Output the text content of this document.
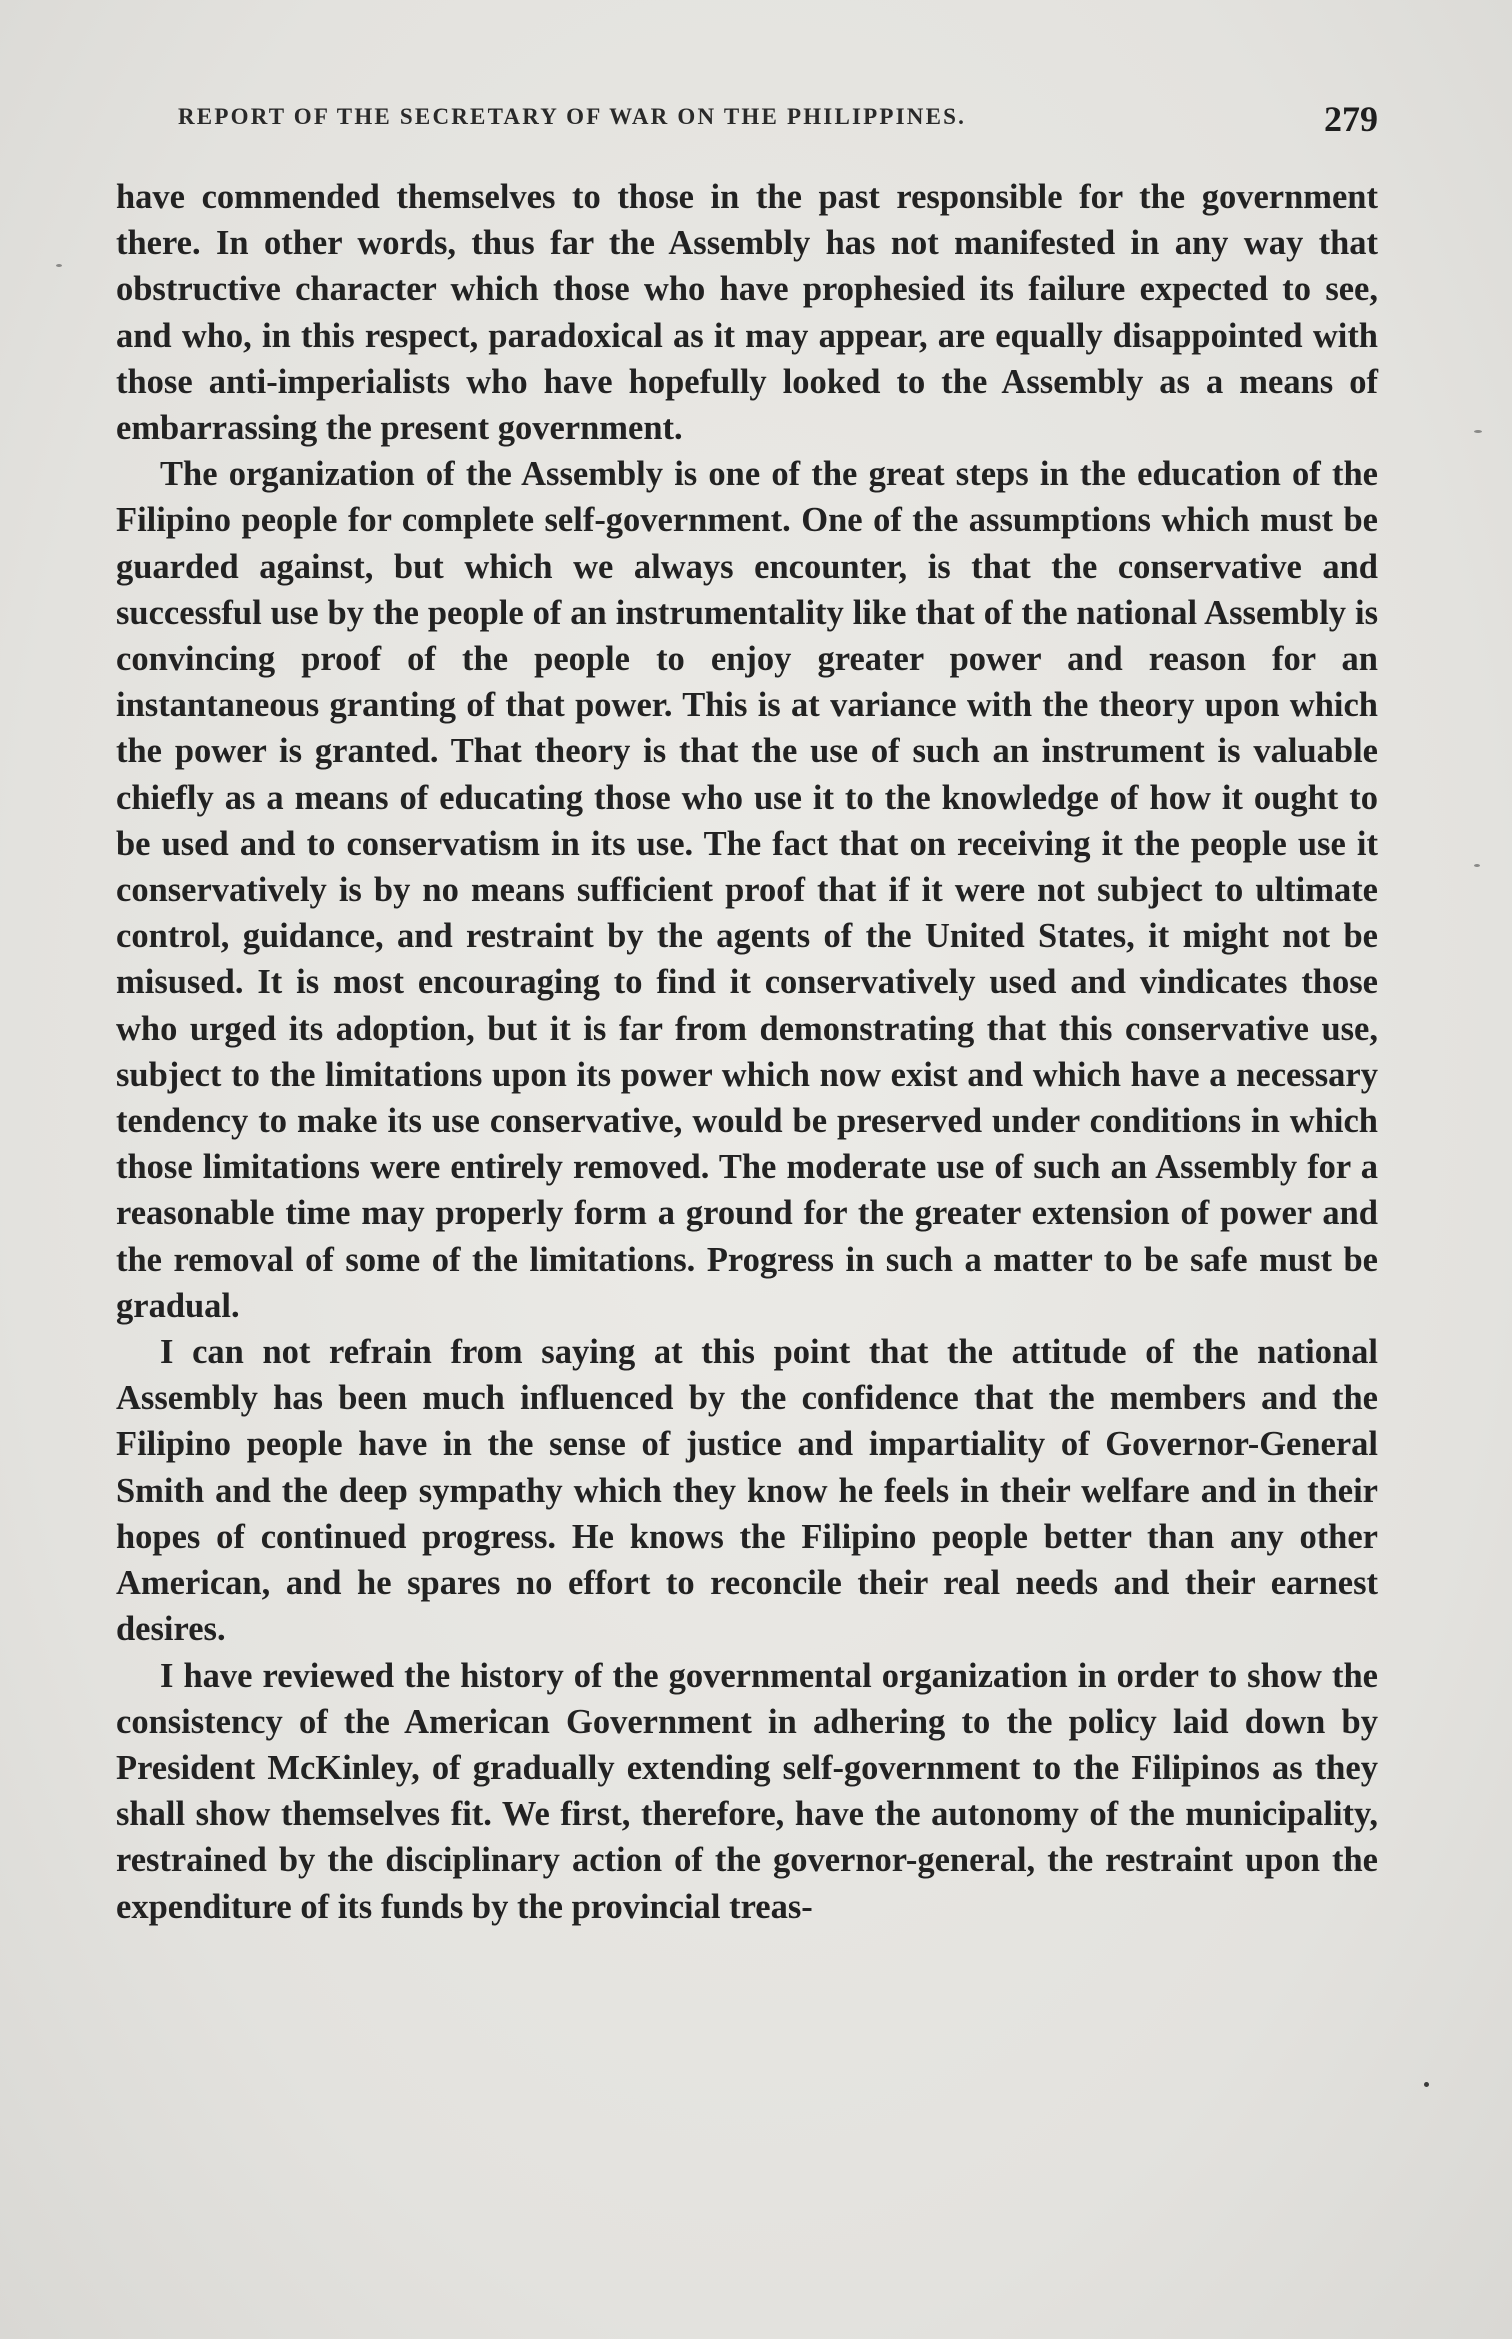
REPORT OF THE SECRETARY OF WAR ON THE PHILIPPINES.	279

have commended themselves to those in the past responsible for the government there. In other words, thus far the Assembly has not manifested in any way that obstructive character which those who have prophesied its failure expected to see, and who, in this respect, paradoxical as it may appear, are equally disappointed with those anti-imperialists who have hopefully looked to the Assembly as a means of embarrassing the present government.

The organization of the Assembly is one of the great steps in the education of the Filipino people for complete self-government. One of the assumptions which must be guarded against, but which we always encounter, is that the conservative and successful use by the people of an instrumentality like that of the national Assembly is convincing proof of the people to enjoy greater power and reason for an instantaneous granting of that power. This is at variance with the theory upon which the power is granted. That theory is that the use of such an instrument is valuable chiefly as a means of educating those who use it to the knowledge of how it ought to be used and to conservatism in its use. The fact that on receiving it the people use it conservatively is by no means sufficient proof that if it were not subject to ultimate control, guidance, and restraint by the agents of the United States, it might not be misused. It is most encouraging to find it conservatively used and vindicates those who urged its adoption, but it is far from demonstrating that this conservative use, subject to the limitations upon its power which now exist and which have a necessary tendency to make its use conservative, would be preserved under conditions in which those limitations were entirely removed. The moderate use of such an Assembly for a reasonable time may properly form a ground for the greater extension of power and the removal of some of the limitations. Progress in such a matter to be safe must be gradual.

I can not refrain from saying at this point that the attitude of the national Assembly has been much influenced by the confidence that the members and the Filipino people have in the sense of justice and impartiality of Governor-General Smith and the deep sympathy which they know he feels in their welfare and in their hopes of continued progress. He knows the Filipino people better than any other American, and he spares no effort to reconcile their real needs and their earnest desires.

I have reviewed the history of the governmental organization in order to show the consistency of the American Government in adhering to the policy laid down by President McKinley, of gradually extending self-government to the Filipinos as they shall show themselves fit. We first, therefore, have the autonomy of the municipality, restrained by the disciplinary action of the governor-general, the restraint upon the expenditure of its funds by the provincial treas-
